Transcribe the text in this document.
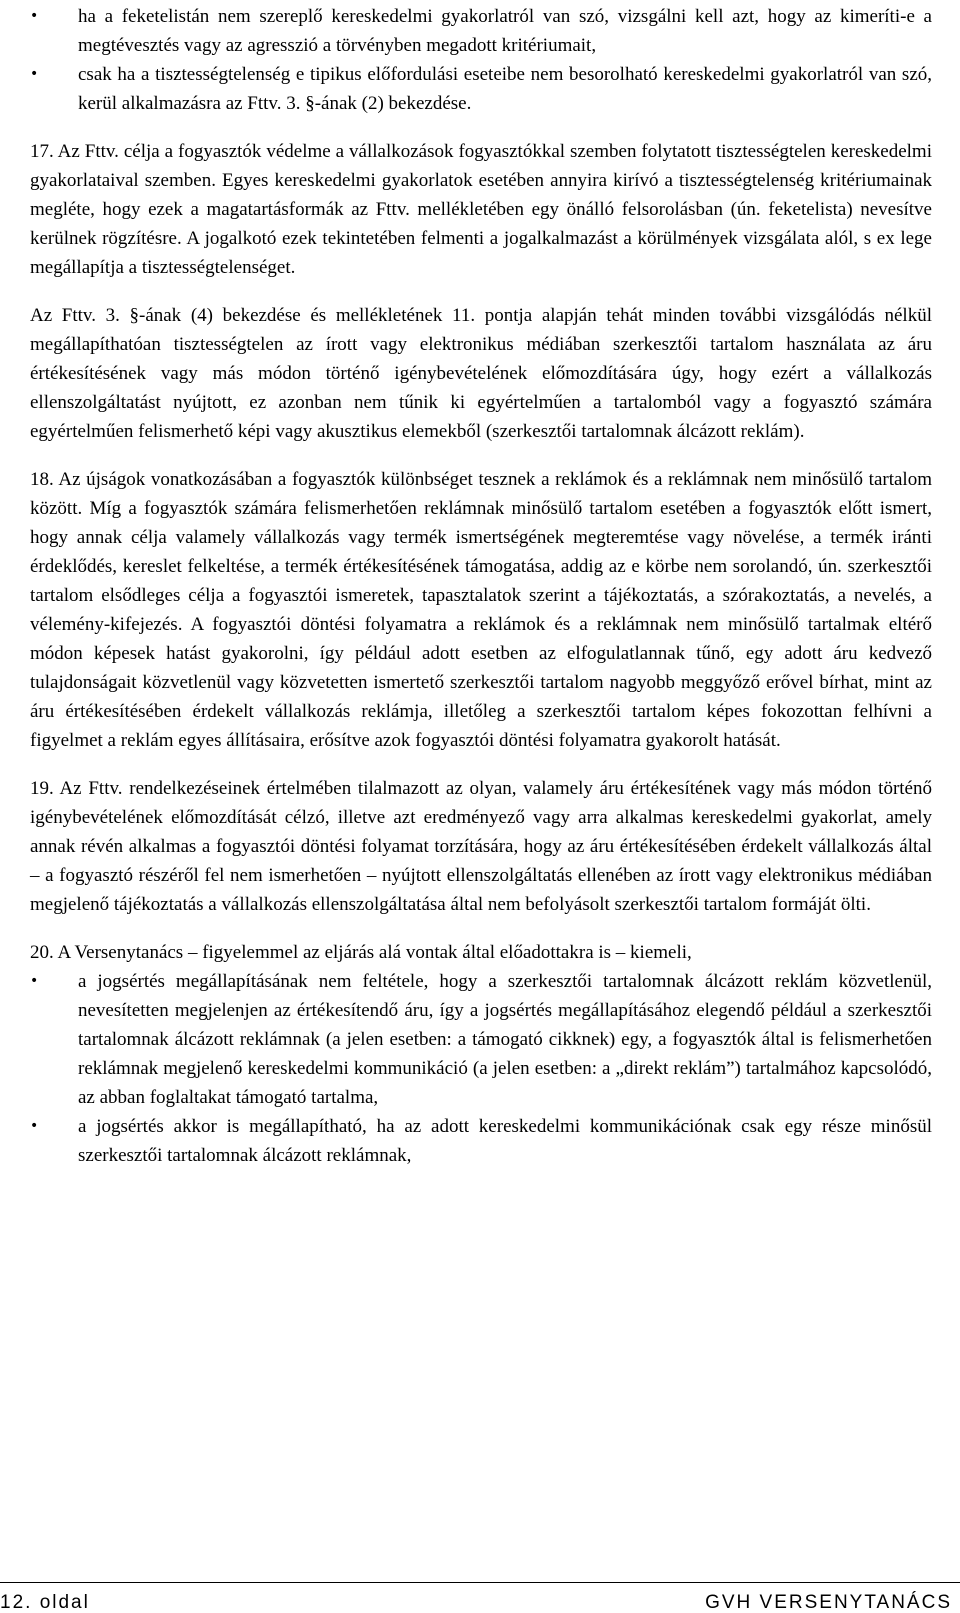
•	ha a feketelistán nem szereplő kereskedelmi gyakorlatról van szó, vizsgálni kell azt, hogy az kimeríti-e a megtévesztés vagy az agresszió a törvényben megadott kritériumait,
•	csak ha a tisztességtelenség e tipikus előfordulási eseteibe nem besorolható kereskedelmi gyakorlatról van szó, kerül alkalmazásra az Fttv. 3. §-ának (2) bekezdése.

17. Az Fttv. célja a fogyasztók védelme a vállalkozások fogyasztókkal szemben folytatott tisztességtelen kereskedelmi gyakorlataival szemben. Egyes kereskedelmi gyakorlatok esetében annyira kirívó a tisztességtelenség kritériumainak megléte, hogy ezek a magatartásformák az Fttv. mellékletében egy önálló felsorolásban (ún. feketelista) nevesítve kerülnek rögzítésre. A jogalkotó ezek tekintetében felmenti a jogalkalmazást a körülmények vizsgálata alól, s ex lege megállapítja a tisztességtelenséget.

Az Fttv. 3. §-ának (4) bekezdése és mellékletének 11. pontja alapján tehát minden további vizsgálódás nélkül megállapíthatóan tisztességtelen az írott vagy elektronikus médiában szerkesztői tartalom használata az áru értékesítésének vagy más módon történő igénybevételének előmozdítására úgy, hogy ezért a vállalkozás ellenszolgáltatást nyújtott, ez azonban nem tűnik ki egyértelműen a tartalomból vagy a fogyasztó számára egyértelműen felismerhető képi vagy akusztikus elemekből (szerkesztői tartalomnak álcázott reklám).

18. Az újságok vonatkozásában a fogyasztók különbséget tesznek a reklámok és a reklámnak nem minősülő tartalom között. Míg a fogyasztók számára felismerhetően reklámnak minősülő tartalom esetében a fogyasztók előtt ismert, hogy annak célja valamely vállalkozás vagy termék ismertségének megteremtése vagy növelése, a termék iránti érdeklődés, kereslet felkeltése, a termék értékesítésének támogatása, addig az e körbe nem sorolandó, ún. szerkesztői tartalom elsődleges célja a fogyasztói ismeretek, tapasztalatok szerint a tájékoztatás, a szórakoztatás, a nevelés, a vélemény-kifejezés. A fogyasztói döntési folyamatra a reklámok és a reklámnak nem minősülő tartalmak eltérő módon képesek hatást gyakorolni, így például adott esetben az elfogulatlannak tűnő, egy adott áru kedvező tulajdonságait közvetlenül vagy közvetetten ismertető szerkesztői tartalom nagyobb meggyőző erővel bírhat, mint az áru értékesítésében érdekelt vállalkozás reklámja, illetőleg a szerkesztői tartalom képes fokozottan felhívni a figyelmet a reklám egyes állításaira, erősítve azok fogyasztói döntési folyamatra gyakorolt hatását.

19. Az Fttv. rendelkezéseinek értelmében tilalmazott az olyan, valamely áru értékesítének vagy más módon történő igénybevételének előmozdítását célzó, illetve azt eredményező vagy arra alkalmas kereskedelmi gyakorlat, amely annak révén alkalmas a fogyasztói döntési folyamat torzítására, hogy az áru értékesítésében érdekelt vállalkozás által – a fogyasztó részéről fel nem ismerhetően – nyújtott ellenszolgáltatás ellenében az írott vagy elektronikus médiában megjelenő tájékoztatás a vállalkozás ellenszolgáltatása által nem befolyásolt szerkesztői tartalom formáját ölti.

20. A Versenytanács – figyelemmel az eljárás alá vontak által előadottakra is – kiemeli,

•	a jogsértés megállapításának nem feltétele, hogy a szerkesztői tartalomnak álcázott reklám közvetlenül, nevesítetten megjelenjen az értékesítendő áru, így a jogsértés megállapításához elegendő például a szerkesztői tartalomnak álcázott reklámnak (a jelen esetben: a támogató cikknek) egy, a fogyasztók által is felismerhetően reklámnak megjelenő kereskedelmi kommunikáció (a jelen esetben: a „direkt reklám”) tartalmához kapcsolódó, az abban foglaltakat támogató tartalma,
•	a jogsértés akkor is megállapítható, ha az adott kereskedelmi kommunikációnak csak egy része minősül szerkesztői tartalomnak álcázott reklámnak,
12. oldal	GVH VERSENYTANÁCS
